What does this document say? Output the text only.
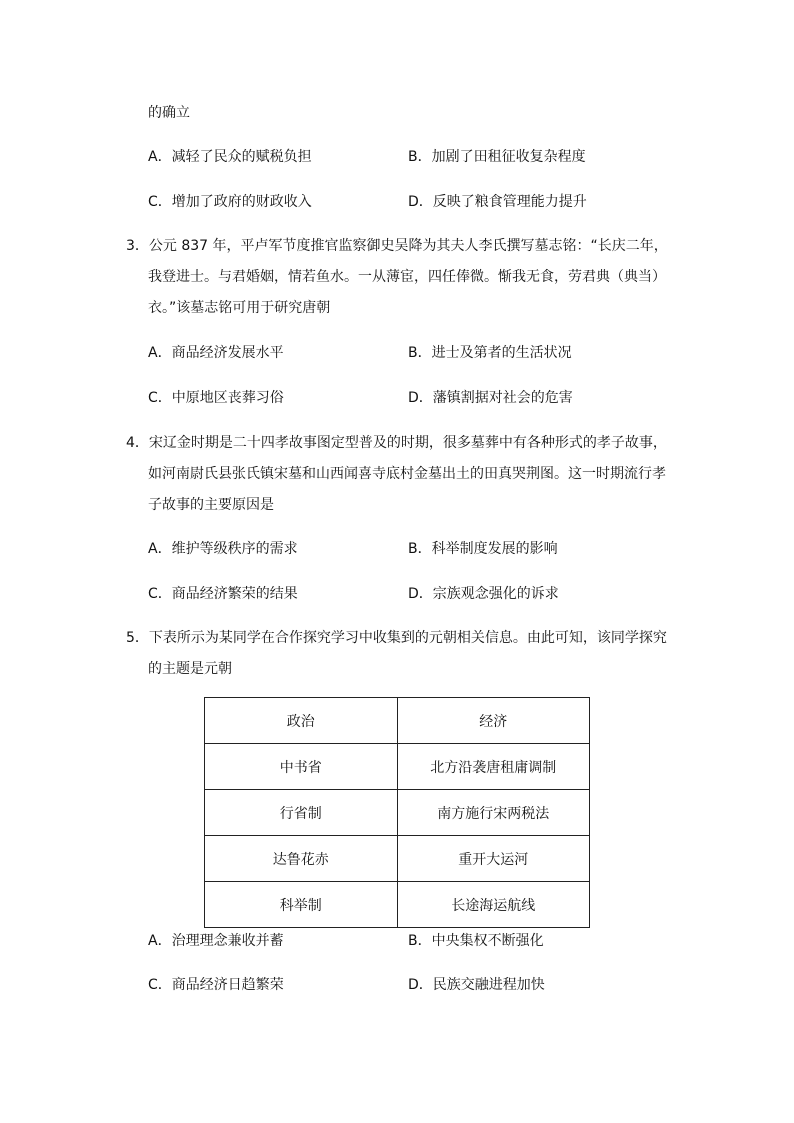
的确立
A．减轻了民众的赋税负担	B．加剧了田租征收复杂程度
C．增加了政府的财政收入	D．反映了粮食管理能力提升
3．公元 837 年，平卢军节度推官监察御史吴降为其夫人李氏撰写墓志铭：“长庆二年，
我登进士。与君婚姻，情若鱼水。一从薄宦，四任俸微。惭我无食，劳君典（典当）
衣。”该墓志铭可用于研究唐朝
A．商品经济发展水平	B．进士及第者的生活状况
C．中原地区丧葬习俗	D．藩镇割据对社会的危害
4．宋辽金时期是二十四孝故事图定型普及的时期，很多墓葬中有各种形式的孝子故事，
如河南尉氏县张氏镇宋墓和山西闻喜寺底村金墓出土的田真哭荆图。这一时期流行孝
子故事的主要原因是
A．维护等级秩序的需求	B．科举制度发展的影响
C．商品经济繁荣的结果	D．宗族观念强化的诉求
5．下表所示为某同学在合作探究学习中收集到的元朝相关信息。由此可知，该同学探究
的主题是元朝
政治	经济
中书省	北方沿袭唐租庸调制
行省制	南方施行宋两税法
达鲁花赤	重开大运河
科举制	长途海运航线
A．治理理念兼收并蓄	B．中央集权不断强化
C．商品经济日趋繁荣	D．民族交融进程加快
